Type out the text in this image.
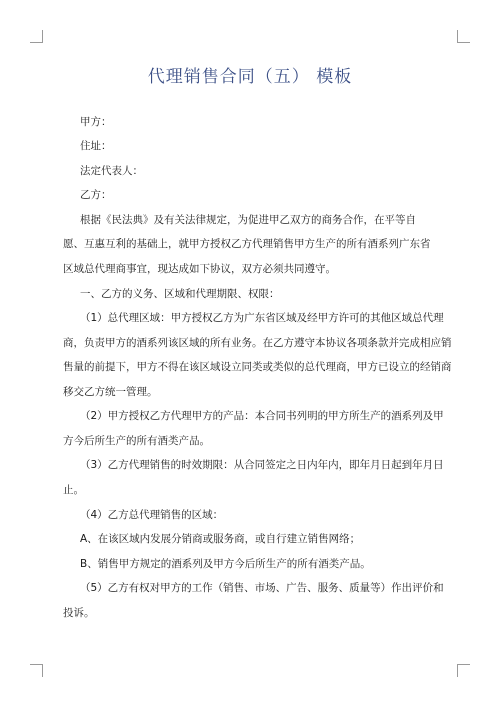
代理销售合同（五） 模板
甲方：
住址：
法定代表人：
乙方：
根据《民法典》及有关法律规定，为促进甲乙双方的商务合作，在平等自
愿、互惠互利的基础上，就甲方授权乙方代理销售甲方生产的所有酒系列广东省
区域总代理商事宜，现达成如下协议，双方必须共同遵守。
一、乙方的义务、区域和代理期限、权限：
（1）总代理区域：甲方授权乙方为广东省区域及经甲方许可的其他区域总代理
商，负责甲方的酒系列该区域的所有业务。在乙方遵守本协议各项条款并完成相应销
售量的前提下，甲方不得在该区域设立同类或类似的总代理商，甲方已设立的经销商
移交乙方统一管理。
（2）甲方授权乙方代理甲方的产品：本合同书列明的甲方所生产的酒系列及甲
方今后所生产的所有酒类产品。
（3）乙方代理销售的时效期限：从合同签定之日内年内，即年月日起到年月日
止。
（4）乙方总代理销售的区域：
A、在该区域内发展分销商或服务商，或自行建立销售网络；
B、销售甲方规定的酒系列及甲方今后所生产的所有酒类产品。
（5）乙方有权对甲方的工作（销售、市场、广告、服务、质量等）作出评价和
投诉。
